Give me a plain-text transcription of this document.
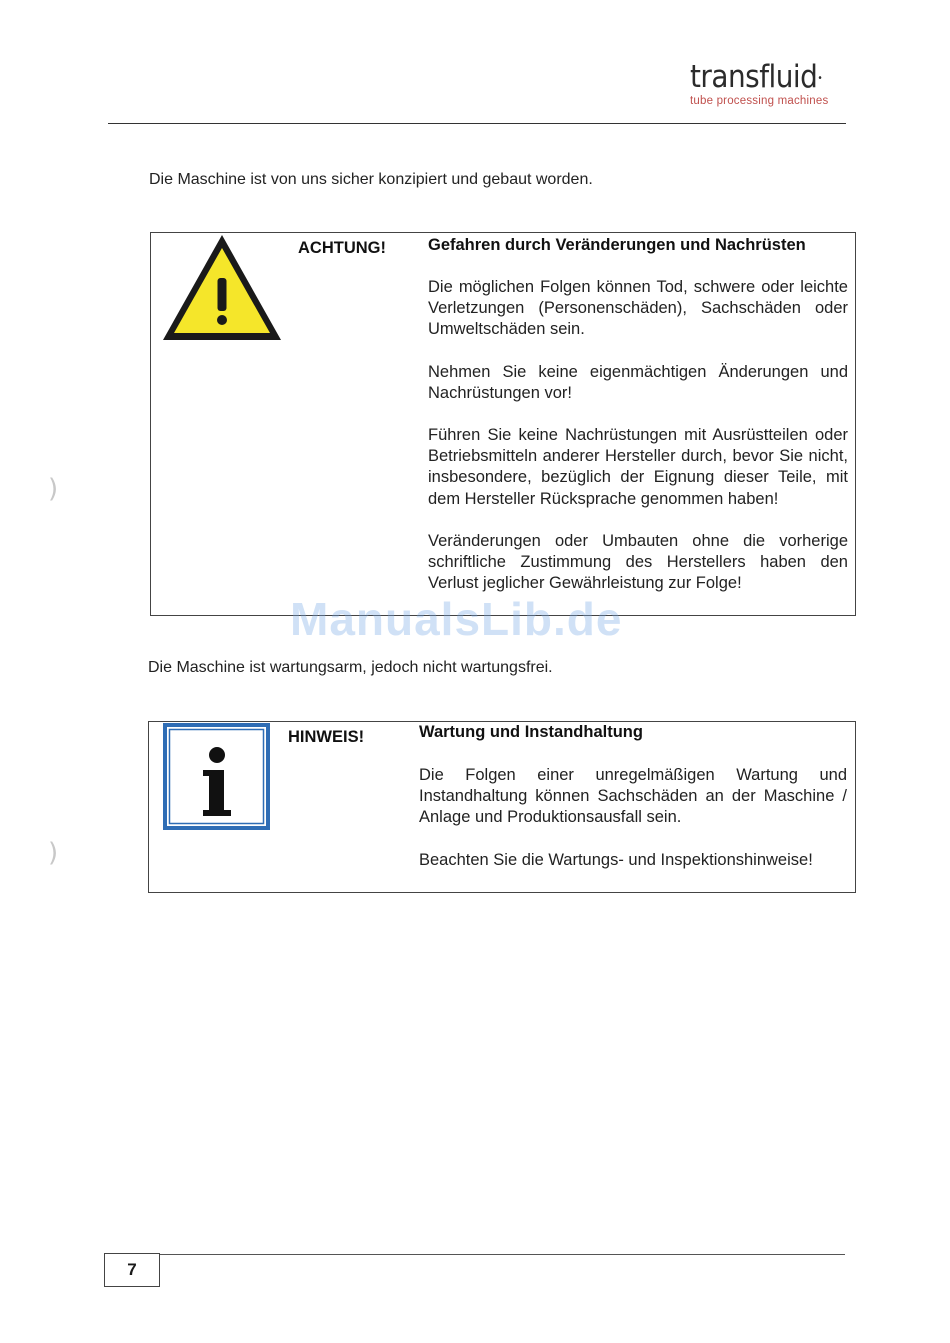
transfluid•
tube processing machines
Die Maschine ist von uns sicher konzipiert und gebaut worden.
ACHTUNG!	Gefahren durch Veränderungen und Nachrüsten

Die möglichen Folgen können Tod, schwere oder leichte Verletzungen (Personenschäden), Sachschäden oder Umweltschäden sein.

Nehmen Sie keine eigenmächtigen Änderungen und Nachrüstungen vor!

Führen Sie keine Nachrüstungen mit Ausrüstteilen oder Betriebsmitteln anderer Hersteller durch, bevor Sie nicht, insbesondere, bezüglich der Eignung dieser Teile, mit dem Hersteller Rücksprache genommen haben!

Veränderungen oder Umbauten ohne die vorherige schriftliche Zustimmung des Herstellers haben den Verlust jeglicher Gewährleistung zur Folge!

ManualsLib.de
Die Maschine ist wartungsarm, jedoch nicht wartungsfrei.
HINWEIS!	Wartung und Instandhaltung

Die Folgen einer unregelmäßigen Wartung und Instandhaltung können Sachschäden an der Maschine / Anlage und Produktionsausfall sein.

Beachten Sie die Wartungs- und Inspektionshinweise!

)
)
7
